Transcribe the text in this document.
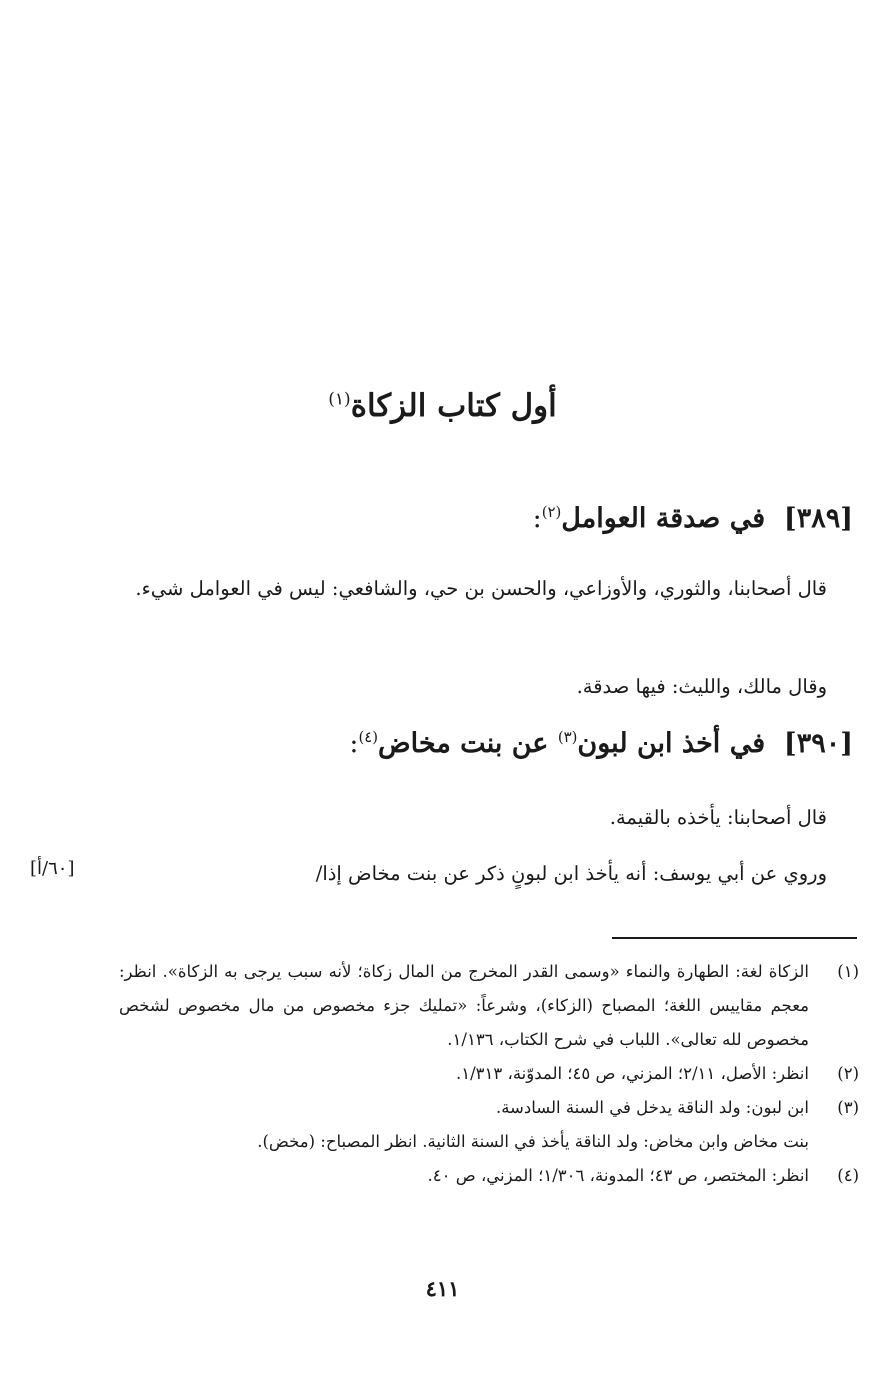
أول كتاب الزكاة$^{(١)}$
[٣٨٩]  في صدقة العوامل$^{(٢)}$:
قال أصحابنا، والثوري، والأوزاعي، والحسن بن حي، والشافعي: ليس في العوامل شيء.
وقال مالك، والليث: فيها صدقة.
[٣٩٠]  في أخذ ابن لبون$^{(٣)}$ عن بنت مخاض$^{(٤)}$:
قال أصحابنا: يأخذه بالقيمة.
وروي عن أبي يوسف: أنه يأخذ ابن لبونٍ ذكر عن بنت مخاض إذا/
[٦٠/أ]
(١)
الزكاة لغة: الطهارة والنماء «وسمى القدر المخرج من المال زكاة؛ لأنه سبب يرجى به الزكاة». انظر: معجم مقاييس اللغة؛ المصباح (الزكاء)، وشرعاً: «تمليك جزء مخصوص من مال مخصوص لشخص مخصوص لله تعالى». اللباب في شرح الكتاب، ١/١٣٦.
(٢)
انظر: الأصل، ٢/١١؛ المزني، ص ٤٥؛ المدوّنة، ١/٣١٣.
(٣)
ابن لبون: ولد الناقة يدخل في السنة السادسة.
بنت مخاض وابن مخاض: ولد الناقة يأخذ في السنة الثانية. انظر المصباح: (مخض).
(٤)
انظر: المختصر، ص ٤٣؛ المدونة، ١/٣٠٦؛ المزني، ص ٤٠.
٤١١
